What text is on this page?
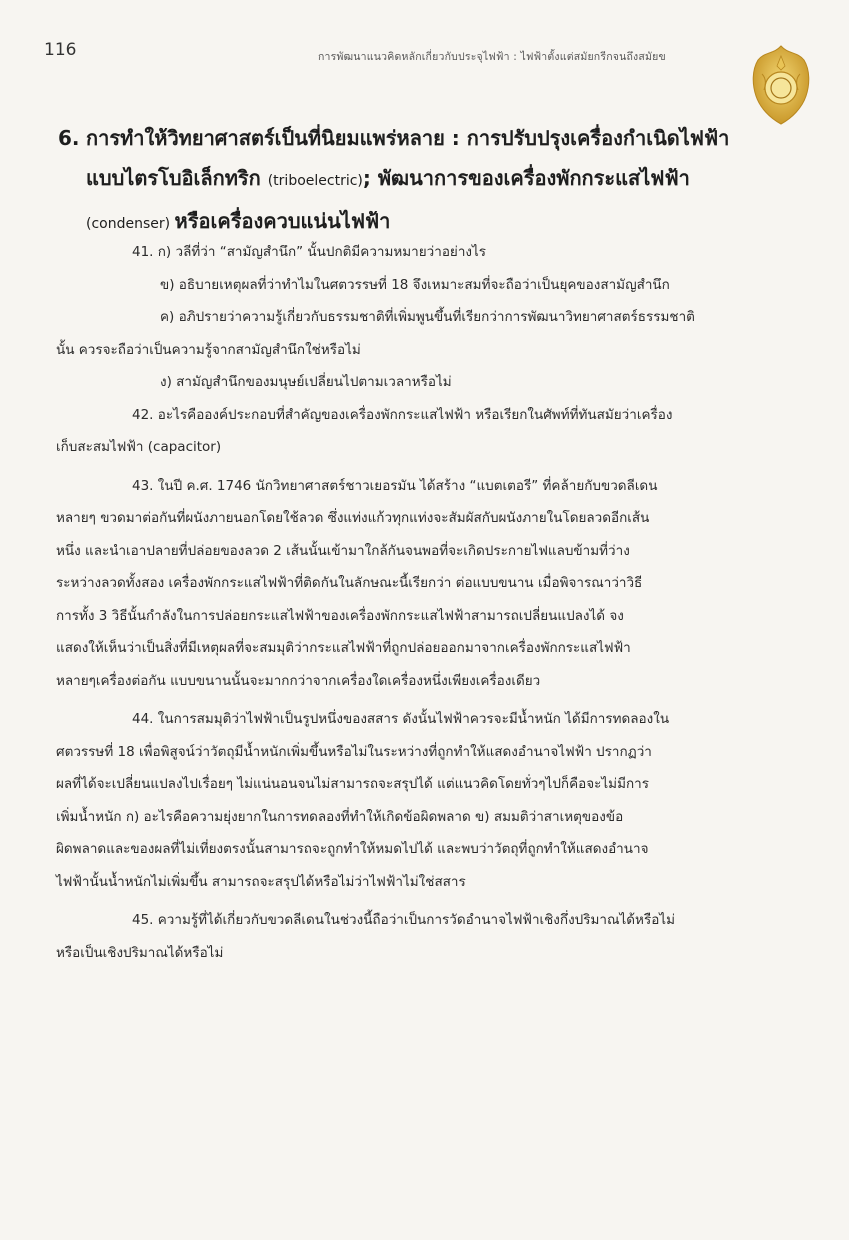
116	การพัฒนาแนวคิดหลักเกี่ยวกับประจุไฟฟ้า : ไฟฟ้าตั้งแต่สมัยกรีกจนถึงสมัยข
6. การทำให้วิทยาศาสตร์เป็นที่นิยมแพร่หลาย : การปรับปรุงเครื่องกำเนิดไฟฟ้า
แบบไตรโบอิเล็กทริก (triboelectric); พัฒนาการของเครื่องพักกระแสไฟฟ้า
(condenser) หรือเครื่องควบแน่นไฟฟ้า

41. ก) วลีที่ว่า “สามัญสำนึก” นั้นปกติมีความหมายว่าอย่างไร

ข) อธิบายเหตุผลที่ว่าทำไมในศตวรรษที่ 18 จึงเหมาะสมที่จะถือว่าเป็นยุคของสามัญสำนึก

ค) อภิปรายว่าความรู้เกี่ยวกับธรรมชาติที่เพิ่มพูนขึ้นที่เรียกว่าการพัฒนาวิทยาศาสตร์ธรรมชาติ

นั้น ควรจะถือว่าเป็นความรู้จากสามัญสำนึกใช่หรือไม่

ง) สามัญสำนึกของมนุษย์เปลี่ยนไปตามเวลาหรือไม่

42. อะไรคือองค์ประกอบที่สำคัญของเครื่องพักกระแสไฟฟ้า หรือเรียกในศัพท์ที่ทันสมัยว่าเครื่อง

เก็บสะสมไฟฟ้า (capacitor)

43. ในปี ค.ศ. 1746 นักวิทยาศาสตร์ชาวเยอรมัน ได้สร้าง “แบตเตอรี” ที่คล้ายกับขวดลีเดน

หลายๆ ขวดมาต่อกันที่ผนังภายนอกโดยใช้ลวด ซึ่งแท่งแก้วทุกแท่งจะสัมผัสกับผนังภายในโดยลวดอีกเส้น

หนึ่ง และนำเอาปลายที่ปล่อยของลวด 2 เส้นนั้นเข้ามาใกล้กันจนพอที่จะเกิดประกายไฟแลบข้ามที่ว่าง

ระหว่างลวดทั้งสอง เครื่องพักกระแสไฟฟ้าที่ติดกันในลักษณะนี้เรียกว่า ต่อแบบขนาน เมื่อพิจารณาว่าวิธี

การทั้ง 3 วิธีนั้นกำลังในการปล่อยกระแสไฟฟ้าของเครื่องพักกระแสไฟฟ้าสามารถเปลี่ยนแปลงได้ จง

แสดงให้เห็นว่าเป็นสิ่งที่มีเหตุผลที่จะสมมุติว่ากระแสไฟฟ้าที่ถูกปล่อยออกมาจากเครื่องพักกระแสไฟฟ้า

หลายๆเครื่องต่อกัน แบบขนานนั้นจะมากกว่าจากเครื่องใดเครื่องหนึ่งเพียงเครื่องเดียว

44. ในการสมมุติว่าไฟฟ้าเป็นรูปหนึ่งของสสาร ดังนั้นไฟฟ้าควรจะมีน้ำหนัก ได้มีการทดลองใน

ศตวรรษที่ 18 เพื่อพิสูจน์ว่าวัตถุมีน้ำหนักเพิ่มขึ้นหรือไม่ในระหว่างที่ถูกทำให้แสดงอำนาจไฟฟ้า ปรากฏว่า

ผลที่ได้จะเปลี่ยนแปลงไปเรื่อยๆ ไม่แน่นอนจนไม่สามารถจะสรุปได้ แต่แนวคิดโดยทั่วๆไปก็คือจะไม่มีการ

เพิ่มน้ำหนัก ก) อะไรคือความยุ่งยากในการทดลองที่ทำให้เกิดข้อผิดพลาด ข) สมมติว่าสาเหตุของข้อ

ผิดพลาดและของผลที่ไม่เที่ยงตรงนั้นสามารถจะถูกทำให้หมดไปได้ และพบว่าวัตถุที่ถูกทำให้แสดงอำนาจ

ไฟฟ้านั้นน้ำหนักไม่เพิ่มขึ้น สามารถจะสรุปได้หรือไม่ว่าไฟฟ้าไม่ใช่สสาร

45. ความรู้ที่ได้เกี่ยวกับขวดลีเดนในช่วงนี้ถือว่าเป็นการวัดอำนาจไฟฟ้าเชิงกึ่งปริมาณได้หรือไม่

หรือเป็นเชิงปริมาณได้หรือไม่
